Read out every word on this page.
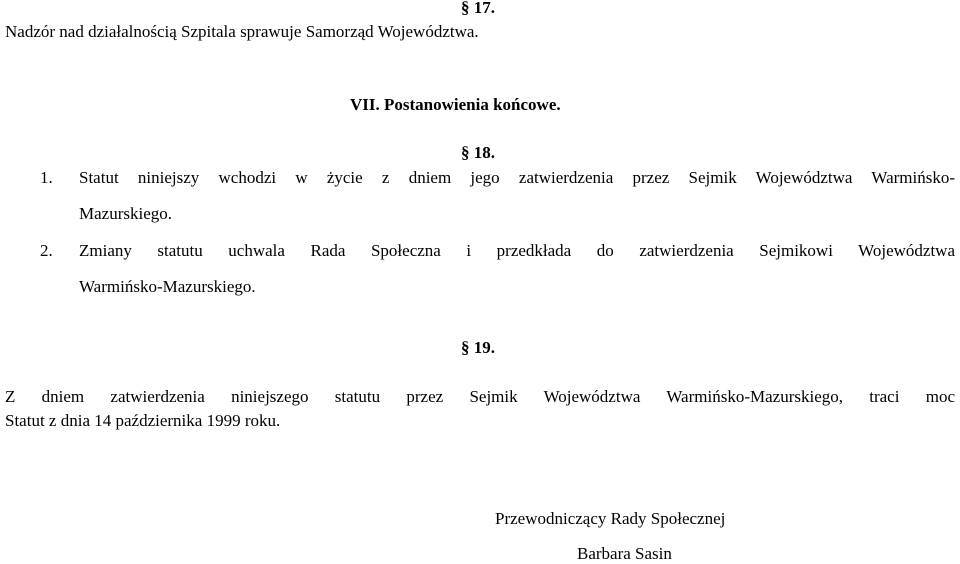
§ 17.
Nadzór nad działalnością Szpitala sprawuje Samorząd Województwa.
VII. Postanowienia końcowe.
§ 18.
1. Statut niniejszy wchodzi w życie z dniem jego zatwierdzenia przez Sejmik Województwa Warmińsko-
Mazurskiego.
2. Zmiany statutu uchwala Rada Społeczna i przedkłada do zatwierdzenia Sejmikowi Województwa
Warmińsko-Mazurskiego.
§ 19.
Z dniem zatwierdzenia niniejszego statutu przez Sejmik Województwa Warmińsko-Mazurskiego, traci moc
Statut z dnia 14 października 1999 roku.
Przewodniczący Rady Społecznej
Barbara Sasin
